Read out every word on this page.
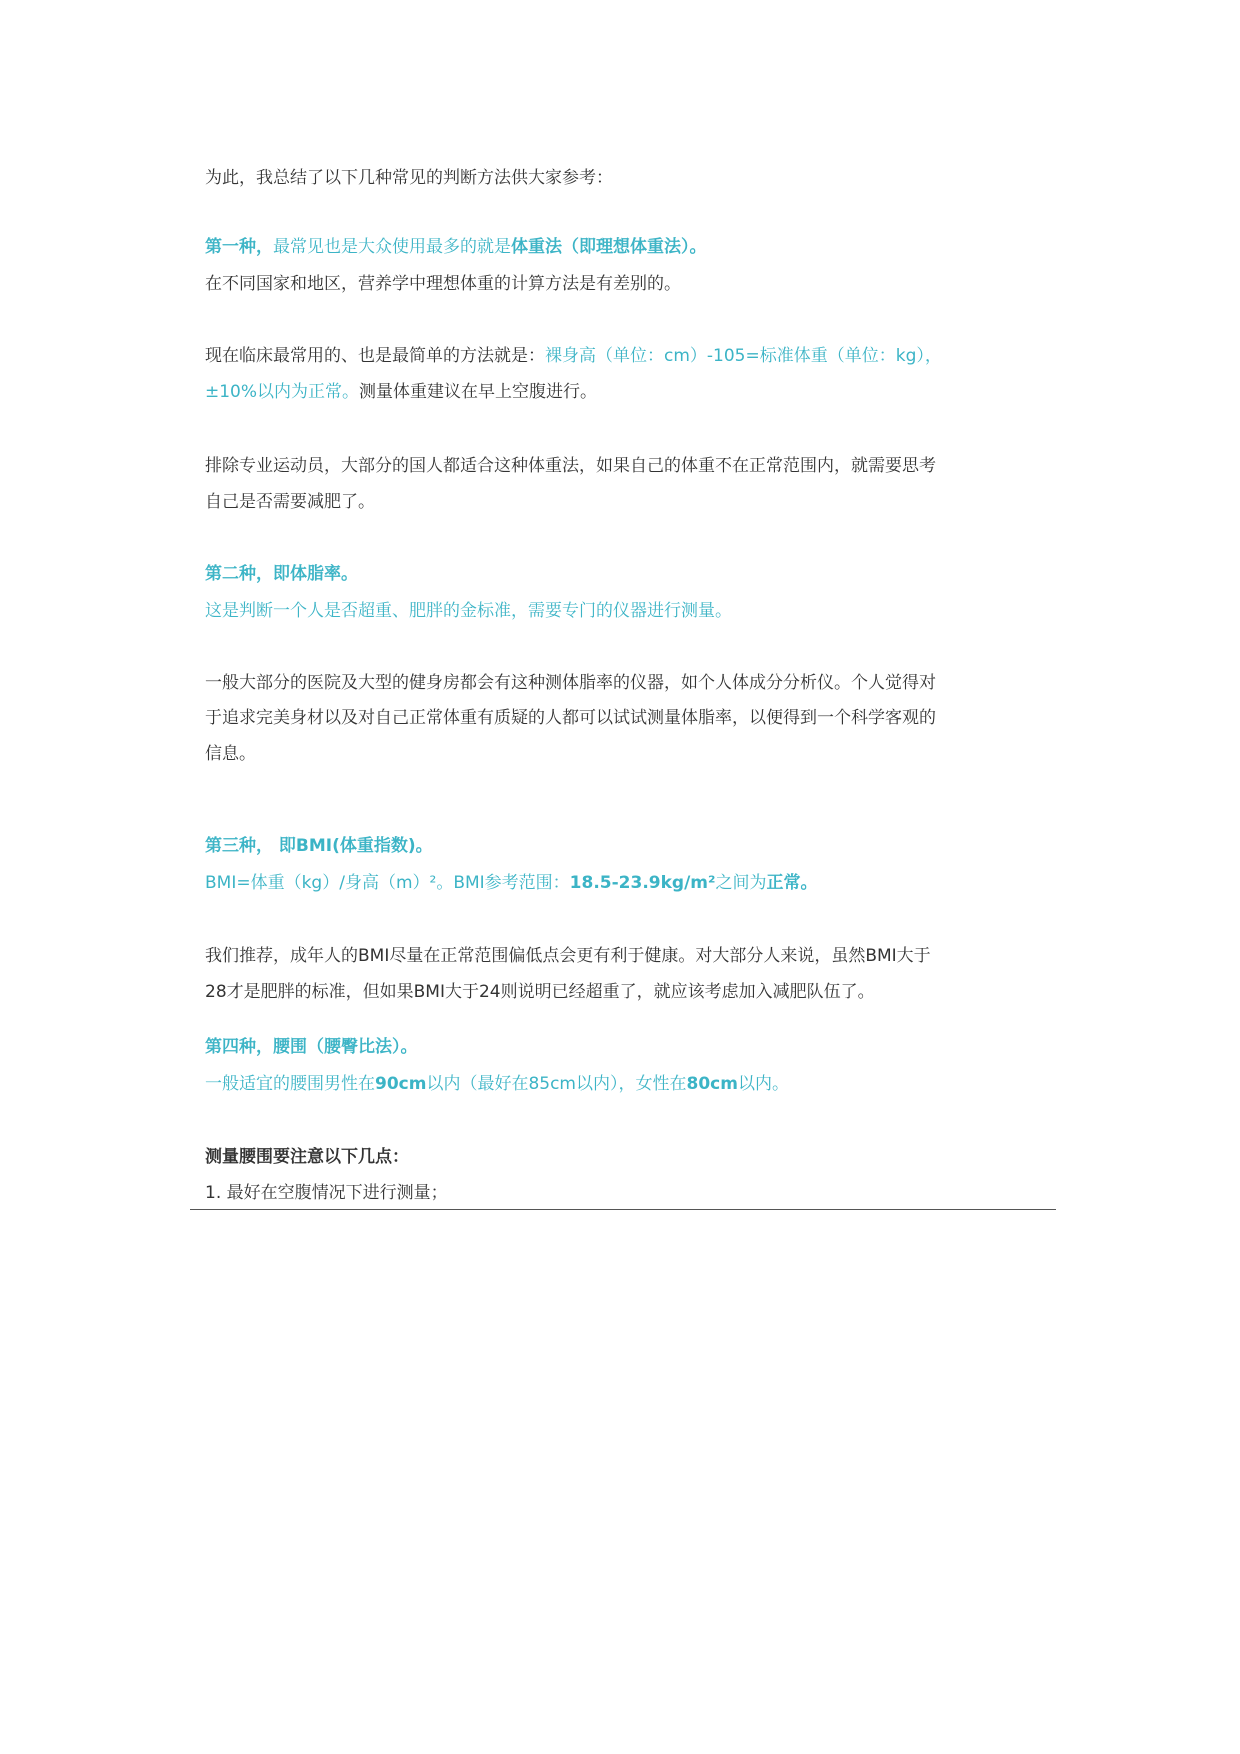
为此，我总结了以下几种常见的判断方法供大家参考：
第一种，最常见也是大众使用最多的就是体重法（即理想体重法）。
在不同国家和地区，营养学中理想体重的计算方法是有差别的。
现在临床最常用的、也是最简单的方法就是：裸身高（单位：cm）-105=标准体重（单位：kg），
±10%以内为正常。测量体重建议在早上空腹进行。
排除专业运动员，大部分的国人都适合这种体重法，如果自己的体重不在正常范围内，就需要思考
自己是否需要减肥了。
第二种，即体脂率。
这是判断一个人是否超重、肥胖的金标准，需要专门的仪器进行测量。
一般大部分的医院及大型的健身房都会有这种测体脂率的仪器，如个人体成分分析仪。个人觉得对
于追求完美身材以及对自己正常体重有质疑的人都可以试试测量体脂率，以便得到一个科学客观的
信息。
第三种， 即BMI(体重指数)。
BMI=体重（kg）/身高（m）²。BMI参考范围：18.5-23.9kg/m²之间为正常。
我们推荐，成年人的BMI尽量在正常范围偏低点会更有利于健康。对大部分人来说，虽然BMI大于
28才是肥胖的标准，但如果BMI大于24则说明已经超重了，就应该考虑加入减肥队伍了。
第四种，腰围（腰臀比法）。
一般适宜的腰围男性在90cm以内（最好在85cm以内），女性在80cm以内。
测量腰围要注意以下几点：
1. 最好在空腹情况下进行测量；
